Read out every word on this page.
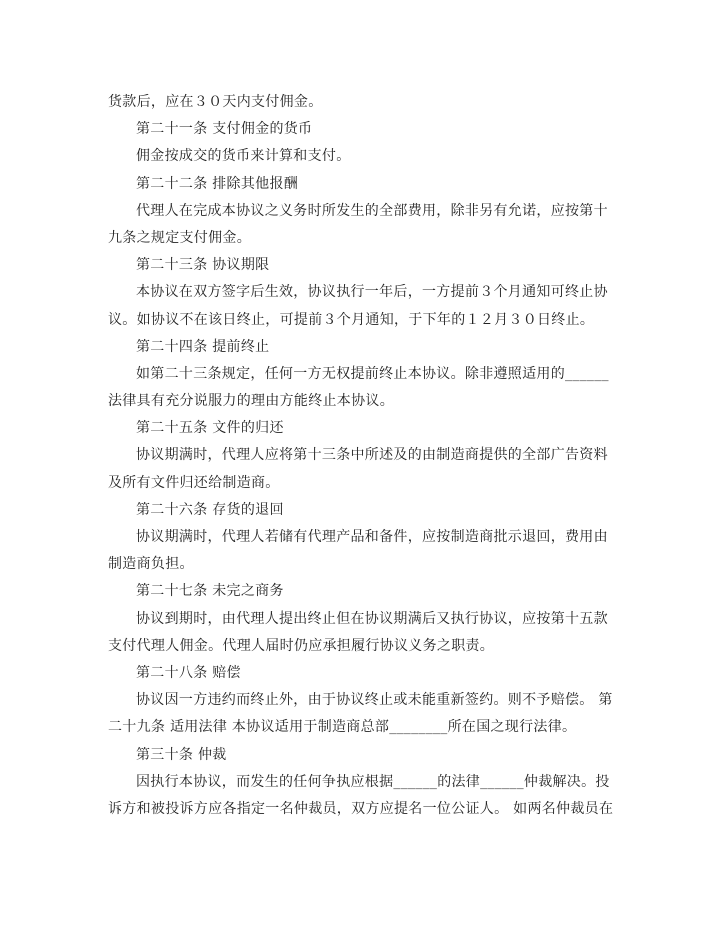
货款后，应在３０天内支付佣金。
第二十一条 支付佣金的货币
佣金按成交的货币来计算和支付。
第二十二条 排除其他报酬
代理人在完成本协议之义务时所发生的全部费用，除非另有允诺，应按第十
九条之规定支付佣金。
第二十三条 协议期限
本协议在双方签字后生效，协议执行一年后，一方提前３个月通知可终止协
议。如协议不在该日终止，可提前３个月通知，于下年的１２月３０日终止。
第二十四条 提前终止
如第二十三条规定，任何一方无权提前终止本协议。除非遵照适用的______
法律具有充分说服力的理由方能终止本协议。
第二十五条 文件的归还
协议期满时，代理人应将第十三条中所述及的由制造商提供的全部广告资料
及所有文件归还给制造商。
第二十六条 存货的退回
协议期满时，代理人若储有代理产品和备件，应按制造商批示退回，费用由
制造商负担。
第二十七条 未完之商务
协议到期时，由代理人提出终止但在协议期满后又执行协议，应按第十五款
支付代理人佣金。代理人届时仍应承担履行协议义务之职责。
第二十八条 赔偿
协议因一方违约而终止外，由于协议终止或未能重新签约。则不予赔偿。 第
二十九条 适用法律 本协议适用于制造商总部________所在国之现行法律。
第三十条 仲裁
因执行本协议，而发生的任何争执应根据______的法律______仲裁解决。投
诉方和被投诉方应各指定一名仲裁员，双方应提名一位公证人。 如两名仲裁员在
